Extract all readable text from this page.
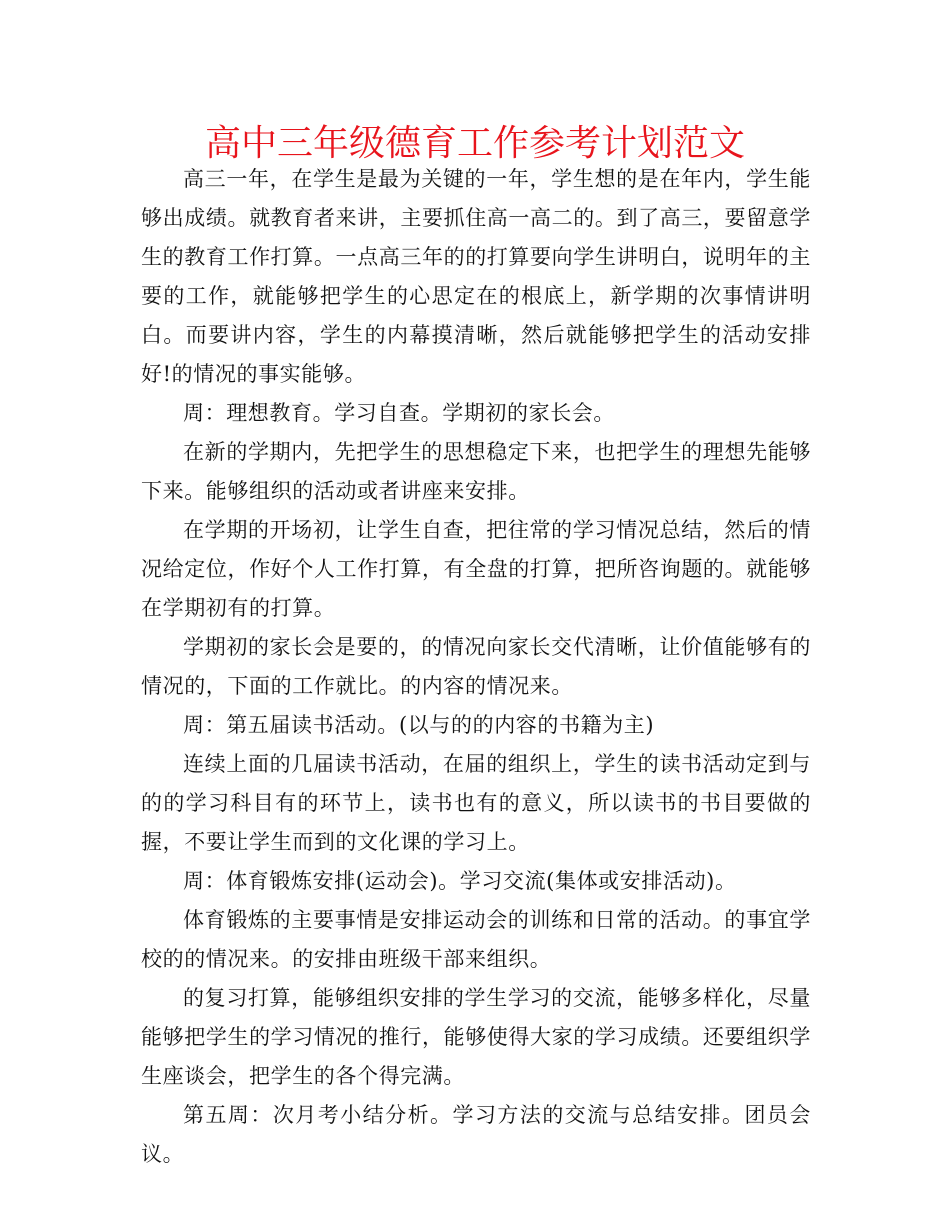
高中三年级德育工作参考计划范文

高三一年，在学生是最为关键的一年，学生想的是在年内，学生能够出成绩。就教育者来讲，主要抓住高一高二的。到了高三，要留意学生的教育工作打算。一点高三年的的打算要向学生讲明白，说明年的主要的工作，就能够把学生的心思定在的根底上，新学期的次事情讲明白。而要讲内容，学生的内幕摸清晰，然后就能够把学生的活动安排好!的情况的事实能够。

周：理想教育。学习自查。学期初的家长会。

在新的学期内，先把学生的思想稳定下来，也把学生的理想先能够下来。能够组织的活动或者讲座来安排。

在学期的开场初，让学生自查，把往常的学习情况总结，然后的情况给定位，作好个人工作打算，有全盘的打算，把所咨询题的。就能够在学期初有的打算。

学期初的家长会是要的，的情况向家长交代清晰，让价值能够有的情况的，下面的工作就比。的内容的情况来。

周：第五届读书活动。(以与的的内容的书籍为主)

连续上面的几届读书活动，在届的组织上，学生的读书活动定到与的的学习科目有的环节上，读书也有的意义，所以读书的书目要做的握，不要让学生而到的文化课的学习上。

周：体育锻炼安排(运动会)。学习交流(集体或安排活动)。

体育锻炼的主要事情是安排运动会的训练和日常的活动。的事宜学校的的情况来。的安排由班级干部来组织。

的复习打算，能够组织安排的学生学习的交流，能够多样化，尽量能够把学生的学习情况的推行，能够使得大家的学习成绩。还要组织学生座谈会，把学生的各个得完满。

第五周：次月考小结分析。学习方法的交流与总结安排。团员会议。
